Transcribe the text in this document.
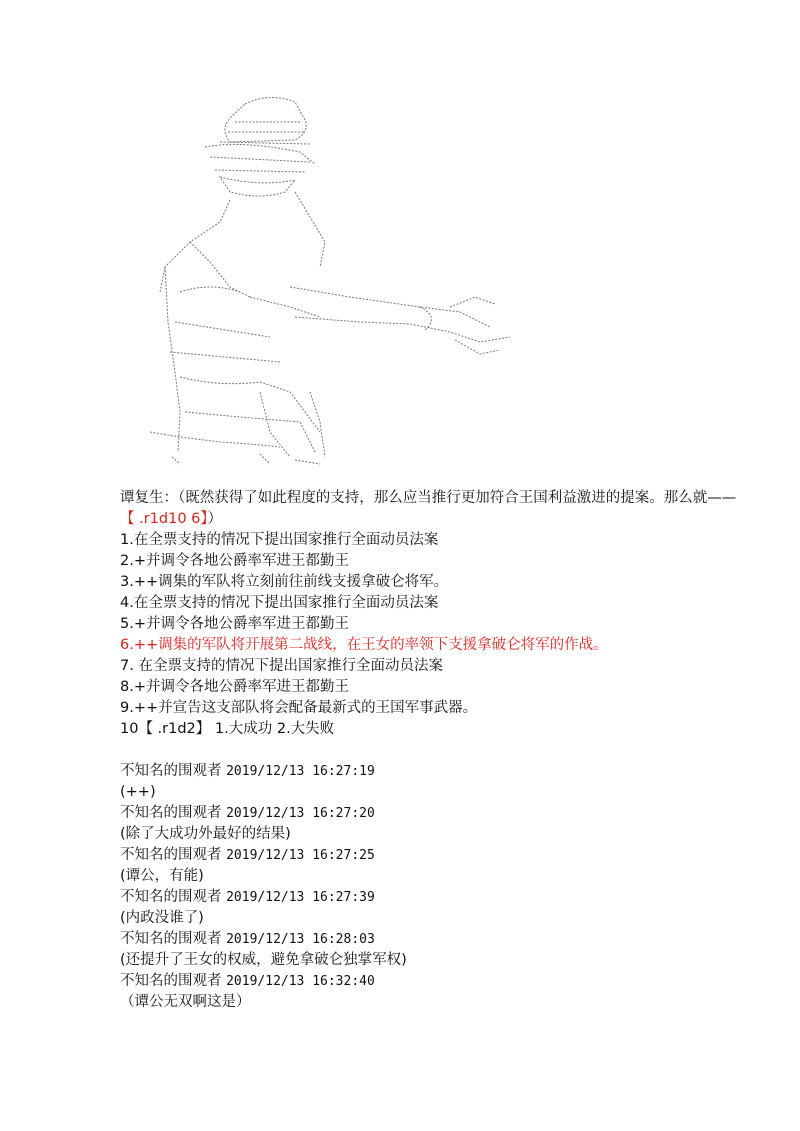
谭复生：（既然获得了如此程度的支持，那么应当推行更加符合王国利益激进的提案。那么就——【 .r1d10 6】）

1.在全票支持的情况下提出国家推行全面动员法案

2.+并调令各地公爵率军进王都勤王

3.++调集的军队将立刻前往前线支援拿破仑将军。

4.在全票支持的情况下提出国家推行全面动员法案

5.+并调令各地公爵率军进王都勤王

6.++调集的军队将开展第二战线，在王女的率领下支援拿破仑将军的作战。

7. 在全票支持的情况下提出国家推行全面动员法案

8.+并调令各地公爵率军进王都勤王

9.++并宣告这支部队将会配备最新式的王国军事武器。

10【 .r1d2】 1.大成功 2.大失败

不知名的围观者 2019/12/13 16:27:19

(++)

不知名的围观者 2019/12/13 16:27:20

(除了大成功外最好的结果)

不知名的围观者 2019/12/13 16:27:25

(谭公，有能)

不知名的围观者 2019/12/13 16:27:39

(内政没谁了)

不知名的围观者 2019/12/13 16:28:03

(还提升了王女的权威，避免拿破仑独掌军权)

不知名的围观者 2019/12/13 16:32:40

（谭公无双啊这是）
